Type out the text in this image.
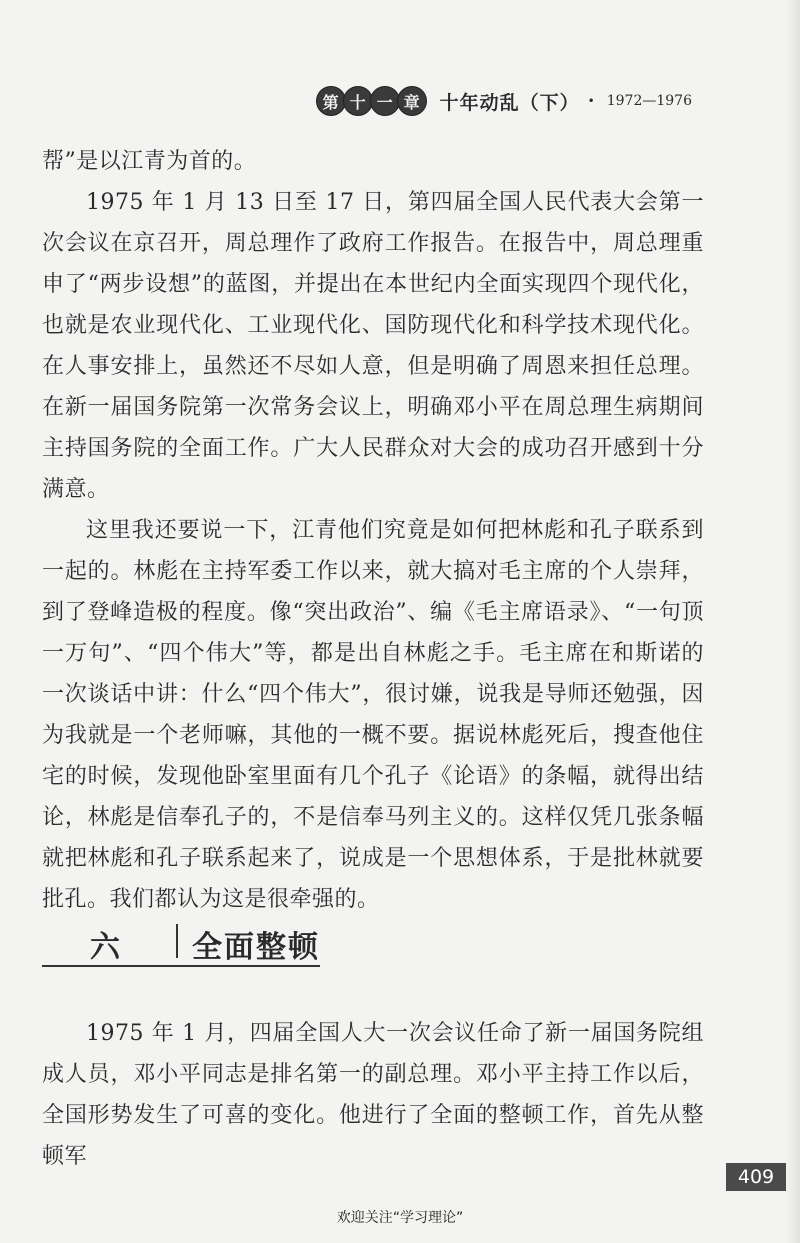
第 十 一 章	十年动乱（下） • 1972—1976

帮”是以江青为首的。

1975 年 1 月 13 日至 17 日，第四届全国人民代表大会第一次会议在京召开，周总理作了政府工作报告。在报告中，周总理重申了“两步设想”的蓝图，并提出在本世纪内全面实现四个现代化，也就是农业现代化、工业现代化、国防现代化和科学技术现代化。在人事安排上，虽然还不尽如人意，但是明确了周恩来担任总理。在新一届国务院第一次常务会议上，明确邓小平在周总理生病期间主持国务院的全面工作。广大人民群众对大会的成功召开感到十分满意。

这里我还要说一下，江青他们究竟是如何把林彪和孔子联系到一起的。林彪在主持军委工作以来，就大搞对毛主席的个人崇拜，到了登峰造极的程度。像“突出政治”、编《毛主席语录》、“一句顶一万句”、“四个伟大”等，都是出自林彪之手。毛主席在和斯诺的一次谈话中讲：什么“四个伟大”，很讨嫌，说我是导师还勉强，因为我就是一个老师嘛，其他的一概不要。据说林彪死后，搜查他住宅的时候，发现他卧室里面有几个孔子《论语》的条幅，就得出结论，林彪是信奉孔子的，不是信奉马列主义的。这样仅凭几张条幅就把林彪和孔子联系起来了，说成是一个思想体系，于是批林就要批孔。我们都认为这是很牵强的。

六 全面整顿

1975 年 1 月，四届全国人大一次会议任命了新一届国务院组成人员，邓小平同志是排名第一的副总理。邓小平主持工作以后，全国形势发生了可喜的变化。他进行了全面的整顿工作，首先从整顿军

409
欢迎关注“学习理论”
